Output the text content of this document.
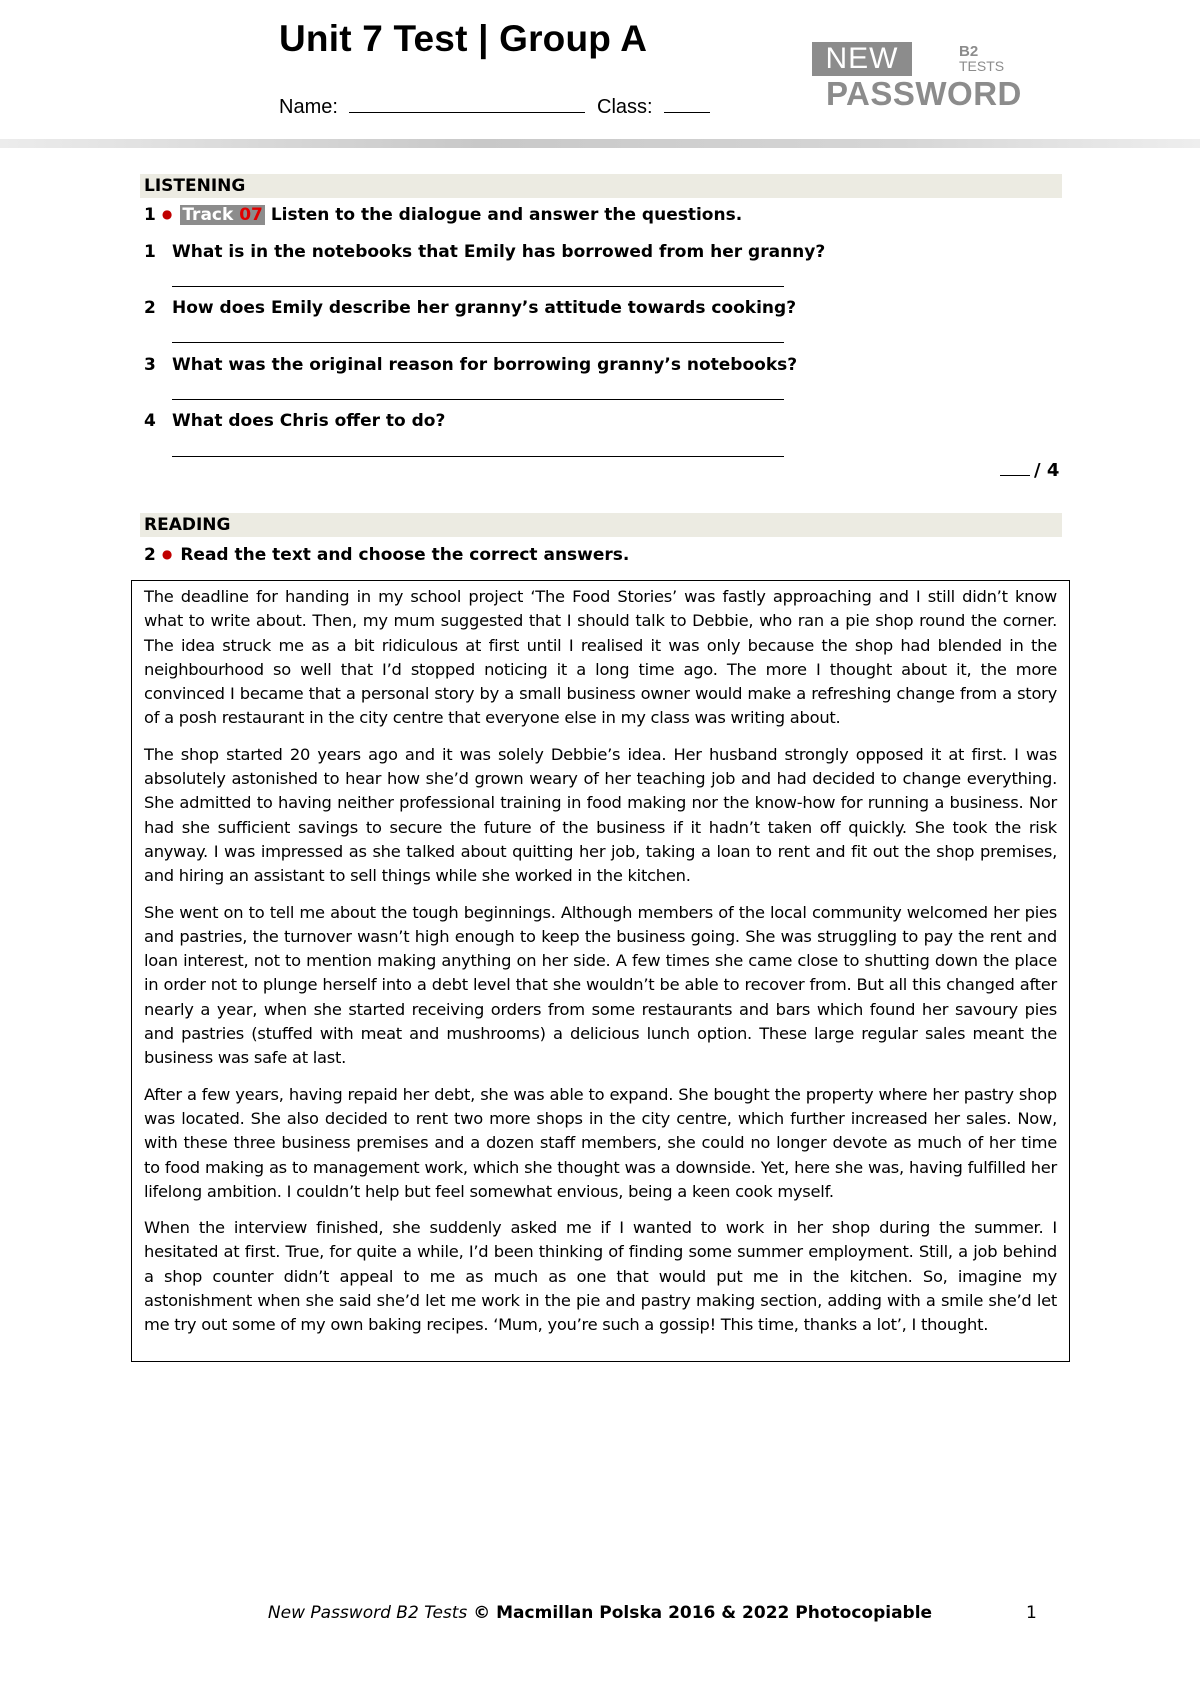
Unit 7 Test | Group A
Name:	Class:
NEW	B2
TESTS
PASSWORD
LISTENING
1 ● Track 07 Listen to the dialogue and answer the questions.
1 What is in the notebooks that Emily has borrowed from her granny?
2 How does Emily describe her granny’s attitude towards cooking?
3 What was the original reason for borrowing granny’s notebooks?
4 What does Chris offer to do?
/ 4
READING
2 ● Read the text and choose the correct answers.

The deadline for handing in my school project ‘The Food Stories’ was fastly approaching and I still didn’t know what to write about. Then, my mum suggested that I should talk to Debbie, who ran a pie shop round the corner. The idea struck me as a bit ridiculous at first until I realised it was only because the shop had blended in the neighbourhood so well that I’d stopped noticing it a long time ago. The more I thought about it, the more convinced I became that a personal story by a small business owner would make a refreshing change from a story of a posh restaurant in the city centre that everyone else in my class was writing about.

The shop started 20 years ago and it was solely Debbie’s idea. Her husband strongly opposed it at first. I was absolutely astonished to hear how she’d grown weary of her teaching job and had decided to change everything. She admitted to having neither professional training in food making nor the know-how for running a business. Nor had she sufficient savings to secure the future of the business if it hadn’t taken off quickly. She took the risk anyway. I was impressed as she talked about quitting her job, taking a loan to rent and fit out the shop premises, and hiring an assistant to sell things while she worked in the kitchen.

She went on to tell me about the tough beginnings. Although members of the local community welcomed her pies and pastries, the turnover wasn’t high enough to keep the business going. She was struggling to pay the rent and loan interest, not to mention making anything on her side. A few times she came close to shutting down the place in order not to plunge herself into a debt level that she wouldn’t be able to recover from. But all this changed after nearly a year, when she started receiving orders from some restaurants and bars which found her savoury pies and pastries (stuffed with meat and mushrooms) a delicious lunch option. These large regular sales meant the business was safe at last.

After a few years, having repaid her debt, she was able to expand. She bought the property where her pastry shop was located. She also decided to rent two more shops in the city centre, which further increased her sales. Now, with these three business premises and a dozen staff members, she could no longer devote as much of her time to food making as to management work, which she thought was a downside. Yet, here she was, having fulfilled her lifelong ambition. I couldn’t help but feel somewhat envious, being a keen cook myself.

When the interview finished, she suddenly asked me if I wanted to work in her shop during the summer. I hesitated at first. True, for quite a while, I’d been thinking of finding some summer employment. Still, a job behind a shop counter didn’t appeal to me as much as one that would put me in the kitchen. So, imagine my astonishment when she said she’d let me work in the pie and pastry making section, adding with a smile she’d let me try out some of my own baking recipes. ‘Mum, you’re such a gossip! This time, thanks a lot’, I thought.

New Password B2 Tests © Macmillan Polska 2016 & 2022 Photocopiable	1
